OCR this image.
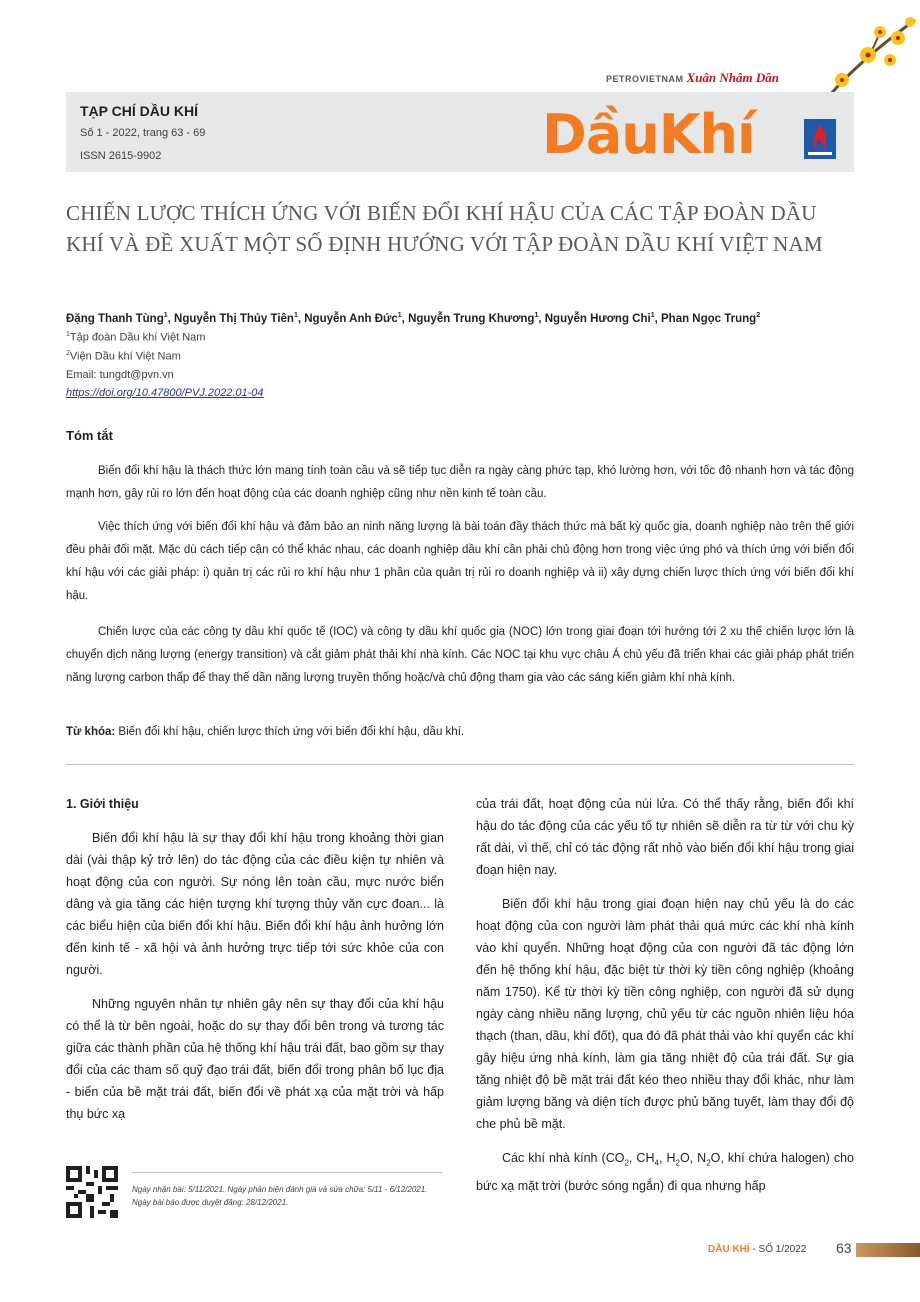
PETROVIETNAM Xuân Nhâm Dần
TẠP CHÍ DẦU KHÍ
Số 1 - 2022, trang 63 - 69
ISSN 2615-9902	DầuKhí
CHIẾN LƯỢC THÍCH ỨNG VỚI BIẾN ĐỔI KHÍ HẬU CỦA CÁC TẬP ĐOÀN DẦU KHÍ VÀ ĐỀ XUẤT MỘT SỐ ĐỊNH HƯỚNG VỚI TẬP ĐOÀN DẦU KHÍ VIỆT NAM
Đặng Thanh Tùng$^1$, Nguyễn Thị Thủy Tiên$^1$, Nguyễn Anh Đức$^1$, Nguyễn Trung Khương$^1$, Nguyễn Hương Chi$^1$, Phan Ngọc Trung$^2$
$^1$Tập đoàn Dầu khí Việt Nam
$^2$Viện Dầu khí Việt Nam
Email: tungdt@pvn.vn
https://doi.org/10.47800/PVJ.2022.01-04
Tóm tắt

Biến đổi khí hậu là thách thức lớn mang tính toàn cầu và sẽ tiếp tục diễn ra ngày càng phức tạp, khó lường hơn, với tốc độ nhanh hơn và tác động mạnh hơn, gây rủi ro lớn đến hoạt động của các doanh nghiệp cũng như nền kinh tế toàn cầu.

Việc thích ứng với biến đổi khí hậu và đảm bảo an ninh năng lượng là bài toán đầy thách thức mà bất kỳ quốc gia, doanh nghiệp nào trên thế giới đều phải đối mặt. Mặc dù cách tiếp cận có thể khác nhau, các doanh nghiệp dầu khí cần phải chủ động hơn trong việc ứng phó và thích ứng với biến đổi khí hậu với các giải pháp: i) quản trị các rủi ro khí hậu như 1 phần của quản trị rủi ro doanh nghiệp và ii) xây dựng chiến lược thích ứng với biến đổi khí hậu.

Chiến lược của các công ty dầu khí quốc tế (IOC) và công ty dầu khí quốc gia (NOC) lớn trong giai đoạn tới hướng tới 2 xu thế chiến lược lớn là chuyển dịch năng lượng (energy transition) và cắt giảm phát thải khí nhà kính. Các NOC tại khu vực châu Á chủ yếu đã triển khai các giải pháp phát triển năng lượng carbon thấp để thay thế dần năng lượng truyền thống hoặc/và chủ động tham gia vào các sáng kiến giảm khí nhà kính.

Từ khóa: Biến đổi khí hậu, chiến lược thích ứng với biến đổi khí hậu, dầu khí.

1. Giới thiệu

Biến đổi khí hậu là sự thay đổi khí hậu trong khoảng thời gian dài (vài thập kỷ trở lên) do tác động của các điều kiện tự nhiên và hoạt động của con người. Sự nóng lên toàn cầu, mực nước biển dâng và gia tăng các hiện tượng khí tượng thủy văn cực đoan... là các biểu hiện của biến đổi khí hậu. Biến đổi khí hậu ảnh hưởng lớn đến kinh tế - xã hội và ảnh hưởng trực tiếp tới sức khỏe của con người.

Những nguyên nhân tự nhiên gây nên sự thay đổi của khí hậu có thể là từ bên ngoài, hoặc do sự thay đổi bên trong và tương tác giữa các thành phần của hệ thống khí hậu trái đất, bao gồm sự thay đổi của các tham số quỹ đạo trái đất, biến đổi trong phân bố lục địa - biển của bề mặt trái đất, biến đổi về phát xạ của mặt trời và hấp thụ bức xạ

của trái đất, hoạt động của núi lửa. Có thể thấy rằng, biến đổi khí hậu do tác động của các yếu tố tự nhiên sẽ diễn ra từ từ với chu kỳ rất dài, vì thế, chỉ có tác động rất nhỏ vào biến đổi khí hậu trong giai đoạn hiện nay.

Biến đổi khí hậu trong giai đoạn hiện nay chủ yếu là do các hoạt động của con người làm phát thải quá mức các khí nhà kính vào khí quyển. Những hoạt động của con người đã tác động lớn đến hệ thống khí hậu, đặc biệt từ thời kỳ tiền công nghiệp (khoảng năm 1750). Kể từ thời kỳ tiền công nghiệp, con người đã sử dụng ngày càng nhiều năng lượng, chủ yếu từ các nguồn nhiên liệu hóa thạch (than, dầu, khí đốt), qua đó đã phát thải vào khí quyển các khí gây hiệu ứng nhà kính, làm gia tăng nhiệt độ của trái đất. Sự gia tăng nhiệt độ bề mặt trái đất kéo theo nhiều thay đổi khác, như làm giảm lượng băng và diện tích được phủ băng tuyết, làm thay đổi độ che phủ bề mặt.

Các khí nhà kính ($CO_2$, $CH_4$, $H_2O$, $N_2O$, khí chứa halogen) cho bức xạ mặt trời (bước sóng ngắn) đi qua nhưng hấp

Ngày nhận bài: 5/11/2021. Ngày phản biện đánh giá và sửa chữa: 5/11 - 6/12/2021.
Ngày bài báo được duyệt đăng: 28/12/2021.
DẦU KHÍ - SỐ 1/2022 63
